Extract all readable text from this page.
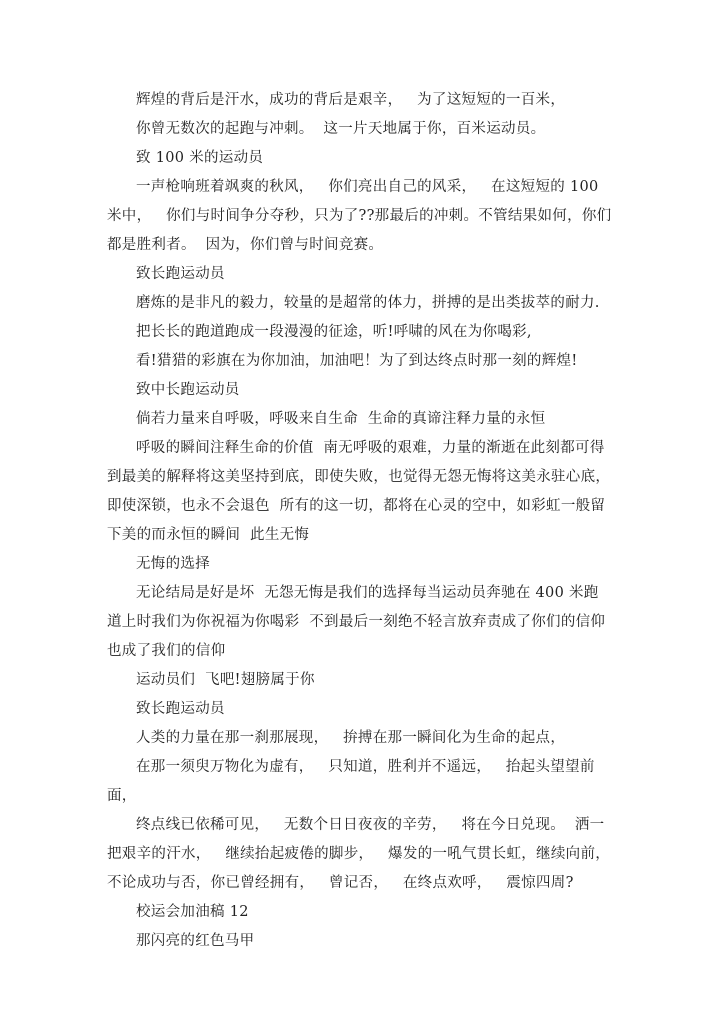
辉煌的背后是汗水，成功的背后是艰辛，   为了这短短的一百米，

你曾无数次的起跑与冲刺。  这一片天地属于你，百米运动员。

致 100 米的运动员

一声枪响班着飒爽的秋风，   你们亮出自己的风采，   在这短短的 100 米中，   你们与时间争分夺秒，只为了??那最后的冲刺。不管结果如何，你们都是胜利者。  因为，你们曾与时间竞赛。

致长跑运动员

磨炼的是非凡的毅力，较量的是超常的体力，拼搏的是出类拔萃的耐力.

把长长的跑道跑成一段漫漫的征途，听!呼啸的风在为你喝彩,

看!猎猎的彩旗在为你加油，加油吧！为了到达终点时那一刻的辉煌!

致中长跑运动员

倘若力量来自呼吸，呼吸来自生命  生命的真谛注释力量的永恒

呼吸的瞬间注释生命的价值  南无呼吸的艰难，力量的渐逝在此刻都可得到最美的解释将这美坚持到底，即使失败，也觉得无怨无悔将这美永驻心底，即使深锁，也永不会退色  所有的这一切，都将在心灵的空中，如彩虹一般留下美的而永恒的瞬间  此生无悔

无悔的选择

无论结局是好是坏  无怨无悔是我们的选择每当运动员奔驰在 400 米跑道上时我们为你祝福为你喝彩  不到最后一刻绝不轻言放弃责成了你们的信仰  也成了我们的信仰

运动员们  飞吧!翅膀属于你

致长跑运动员

人类的力量在那一刹那展现，   拚搏在那一瞬间化为生命的起点，

在那一须臾万物化为虚有，   只知道，胜利并不遥远，   抬起头望望前面，

终点线已依稀可见，   无数个日日夜夜的辛劳，   将在今日兑现。  洒一把艰辛的汗水，   继续抬起疲倦的脚步，   爆发的一吼气贯长虹，继续向前，不论成功与否，你已曾经拥有，   曾记否，   在终点欢呼，   震惊四周?

校运会加油稿 12

那闪亮的红色马甲
